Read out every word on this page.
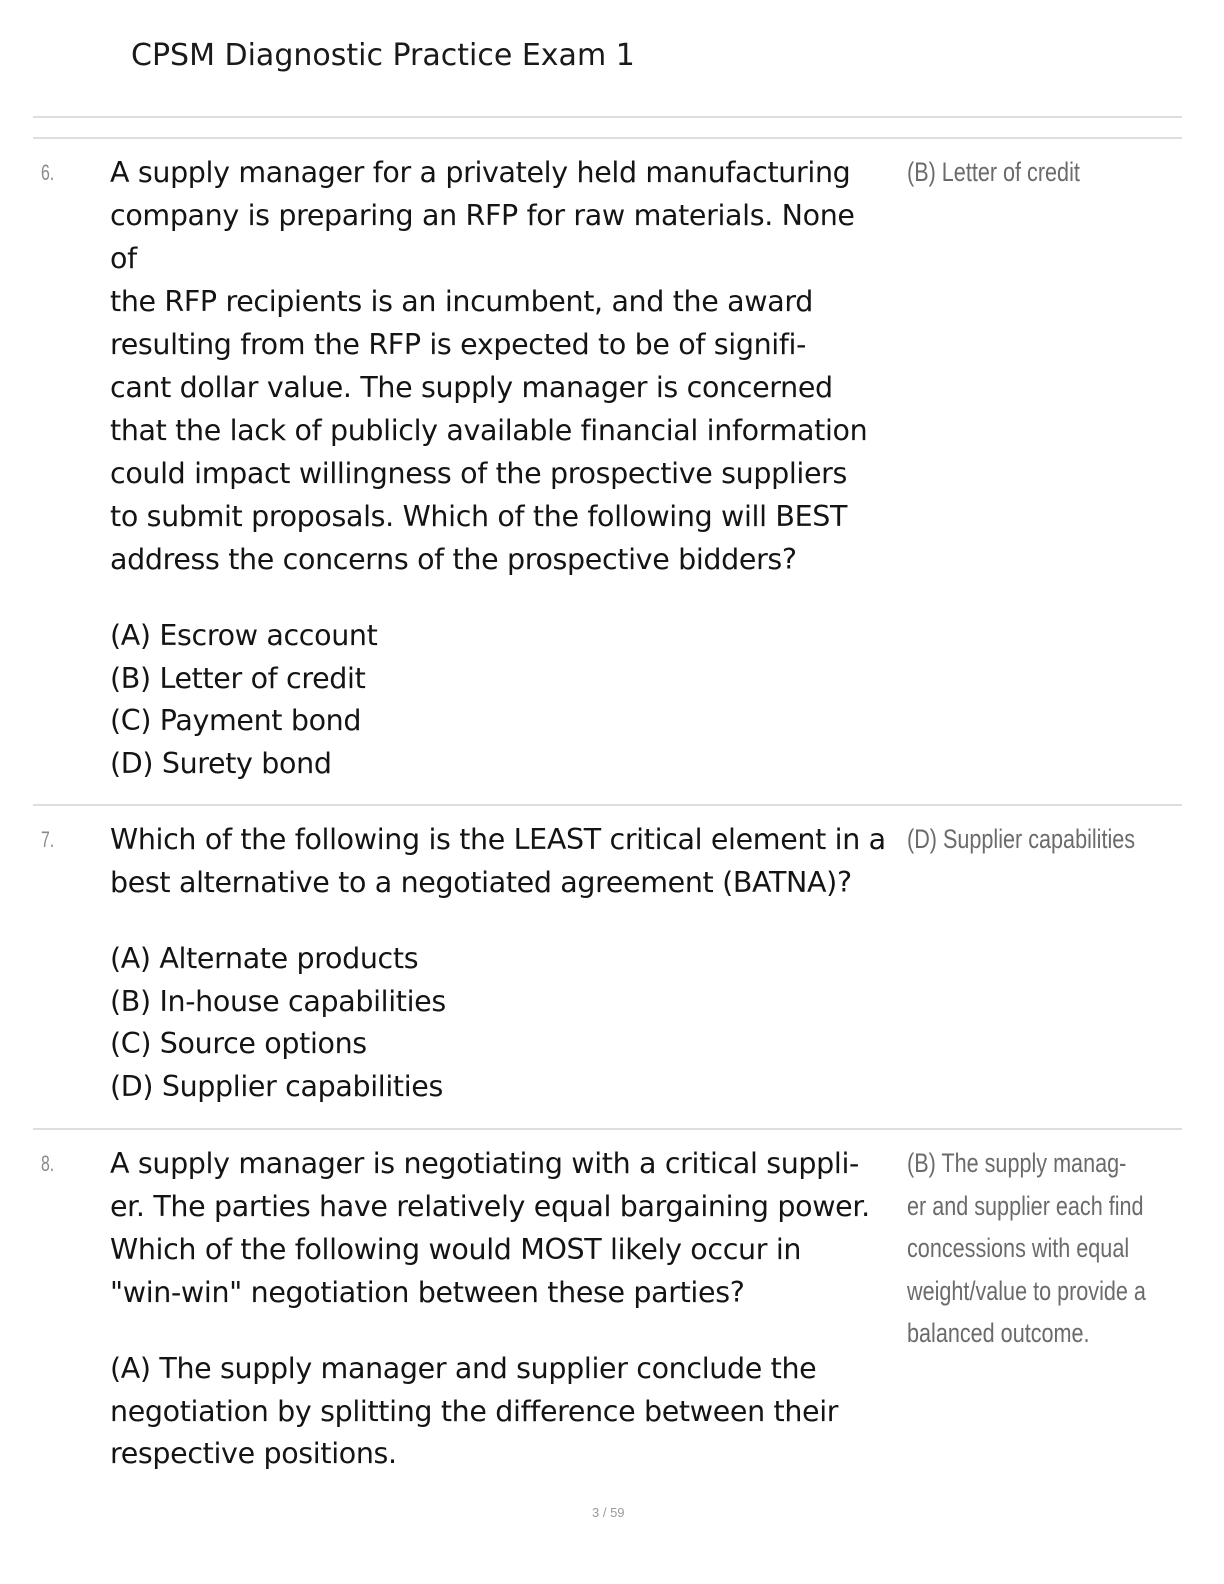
CPSM Diagnostic Practice Exam 1
6. A supply manager for a privately held manufacturing
company is preparing an RFP for raw materials. None
of
the RFP recipients is an incumbent, and the award
resulting from the RFP is expected to be of signifi-
cant dollar value. The supply manager is concerned
that the lack of publicly available financial information
could impact willingness of the prospective suppliers
to submit proposals. Which of the following will BEST
address the concerns of the prospective bidders?
(A) Escrow account
(B) Letter of credit
(C) Payment bond
(D) Surety bond
(B) Letter of credit
7. Which of the following is the LEAST critical element in a
best alternative to a negotiated agreement (BATNA)?
(A) Alternate products
(B) In-house capabilities
(C) Source options
(D) Supplier capabilities
(D) Supplier capabilities
8. A supply manager is negotiating with a critical suppli-
er. The parties have relatively equal bargaining power.
Which of the following would MOST likely occur in
"win-win" negotiation between these parties?
(A) The supply manager and supplier conclude the
negotiation by splitting the difference between their
respective positions.
(B) The supply manag-
er and supplier each find
concessions with equal
weight/value to provide a
balanced outcome.
3 / 59
